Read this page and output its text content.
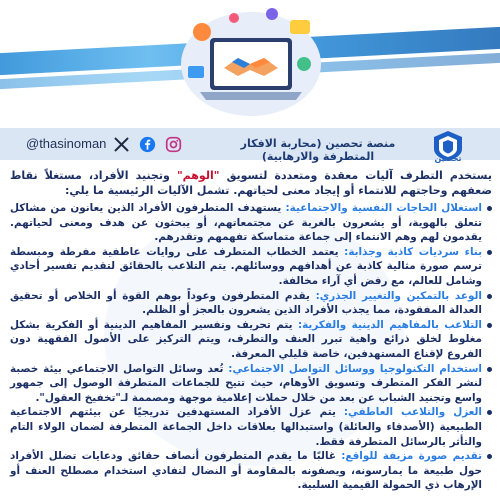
@thasinoman	منصة تحصين (محاربة الافكار المتطرفة والارهابية)	تحصين

يستخدم التطرف آليات معقدة ومتعددة لتسويق "الوهم" وتجنيد الأفراد، مستغلاً نقاط ضعفهم وحاجتهم للانتماء أو إيجاد معنى لحياتهم. تشمل الآليات الرئيسية ما يلي:

استغلال الحاجات النفسية والاجتماعية: يستهدف المتطرفون الأفراد الذين يعانون من مشاكل تتعلق بالهوية، أو يشعرون بالغربة عن مجتمعاتهم، أو يبحثون عن هدف ومعنى لحياتهم. يقدمون لهم وهم الانتماء إلى جماعة متماسكة تفهمهم وتقدرهم.
بناء سرديات كاذبة وجذابة: يعتمد الخطاب المتطرف على روايات عاطفية مفرطة ومبسطة ترسم صورة مثالية كاذبة عن أهدافهم ووسائلهم. يتم التلاعب بالحقائق لتقديم تفسير أحادي وشامل للعالم، مع رفض أي آراء مخالفة.
الوعد بالتمكين والتغيير الجذري: يقدم المتطرفون وعوداً بوهم القوة أو الخلاص أو تحقيق العدالة المفقودة، مما يجذب الأفراد الذين يشعرون بالعجز أو الظلم.
التلاعب بالمفاهيم الدينية والفكرية: يتم تحريف وتفسير المفاهيم الدينية أو الفكرية بشكل مغلوط لخلق ذرائع واهية تبرر العنف والتطرف، ويتم التركيز على الأصول الفقهية دون الفروع لإقناع المستهدفين، خاصة قليلي المعرفة.
استخدام التكنولوجيا ووسائل التواصل الاجتماعي: تُعد وسائل التواصل الاجتماعي بيئة خصبة لنشر الفكر المتطرف وتسويق الأوهام، حيث تتيح للجماعات المتطرفة الوصول إلى جمهور واسع وتجنيد الشباب عن بعد من خلال حملات إعلامية موجهة ومصممة لـ"تخفيخ العقول".
العزل والتلاعب العاطفي: يتم عزل الأفراد المستهدفين تدريجيًا عن بيئتهم الاجتماعية الطبيعية (الأصدقاء والعائلة) واستبدالها بعلاقات داخل الجماعة المتطرفة لضمان الولاء التام والتأثر بالرسائل المتطرفة فقط.
تقديم صورة مزيفة للواقع: غالبًا ما يقدم المتطرفون أنصاف حقائق ودعايات تضلل الأفراد حول طبيعة ما يمارسونه، ويصفونه بالمقاومة أو النضال لتفادي استخدام مصطلح العنف أو الإرهاب ذي الحمولة القيمية السلبية.
